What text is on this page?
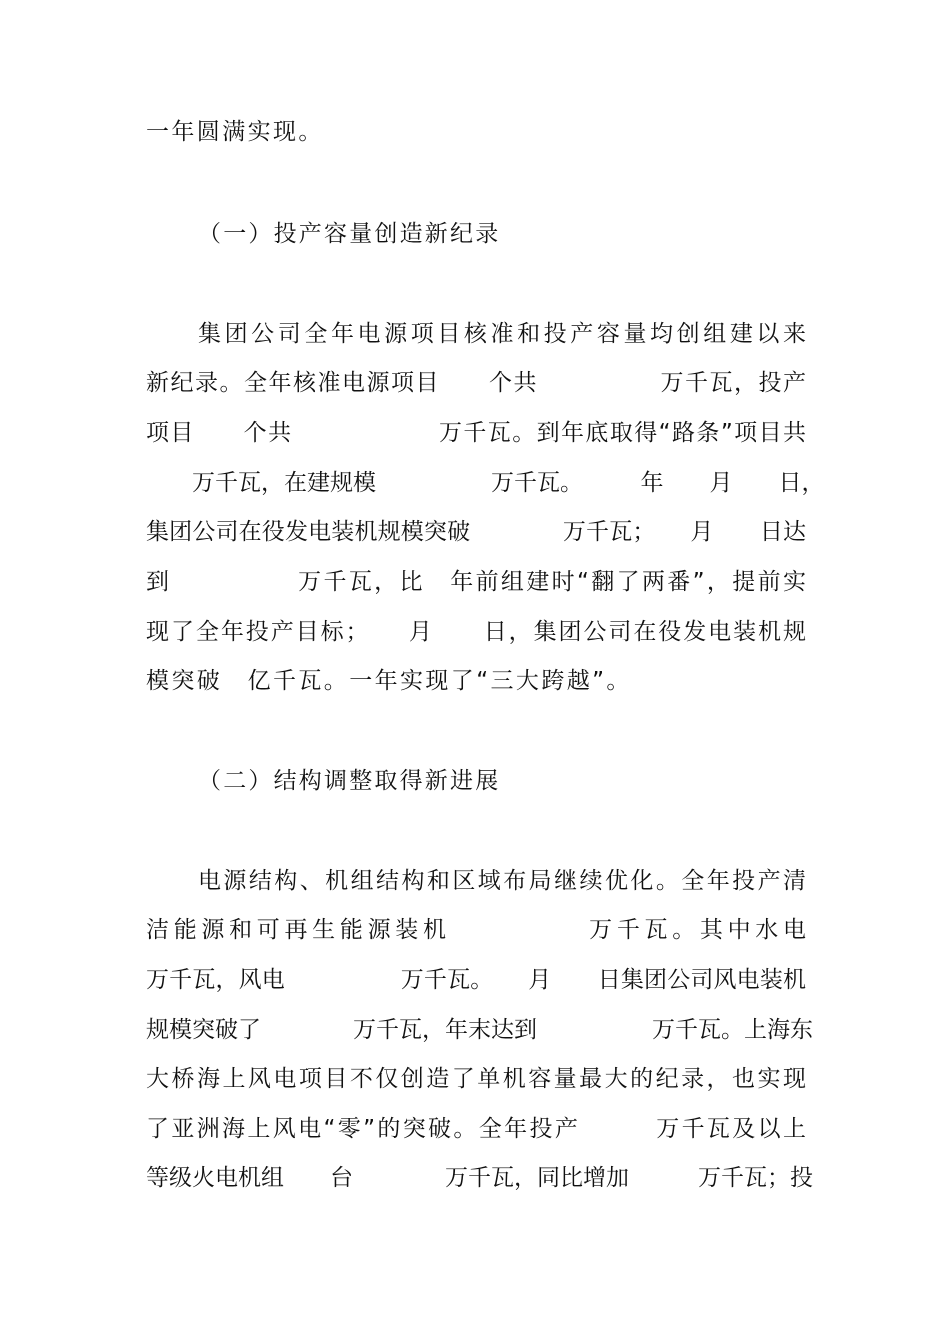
一年圆满实现。
（一）投产容量创造新纪录
集团公司全年电源项目核准和投产容量均创组建以来
新纪录。全年核准电源项目　　个共　　　　　万千瓦，投产
项目　　个共　　　　　　万千瓦。到年底取得“路条”项目共
　　万千瓦，在建规模　　　　　万千瓦。　　　年　　月　　日，
集团公司在役发电装机规模突破　　　　万千瓦；　　月　　日达
到　　　　　万千瓦，比　年前组建时“翻了两番”，提前实
现了全年投产目标；　　月　　日，集团公司在役发电装机规
模突破　亿千瓦。一年实现了“三大跨越”。
（二）结构调整取得新进展
电源结构、机组结构和区域布局继续优化。全年投产清
洁能源和可再生能源装机　　　　　万千瓦。其中水电　　　　
万千瓦，风电　　　　　万千瓦。　　月　　日集团公司风电装机
规模突破了　　　　万千瓦，年末达到　　　　　万千瓦。上海东
大桥海上风电项目不仅创造了单机容量最大的纪录，也实现
了亚洲海上风电“零”的突破。全年投产　　　万千瓦及以上
等级火电机组　　台　　　　万千瓦，同比增加　　　万千瓦；投
